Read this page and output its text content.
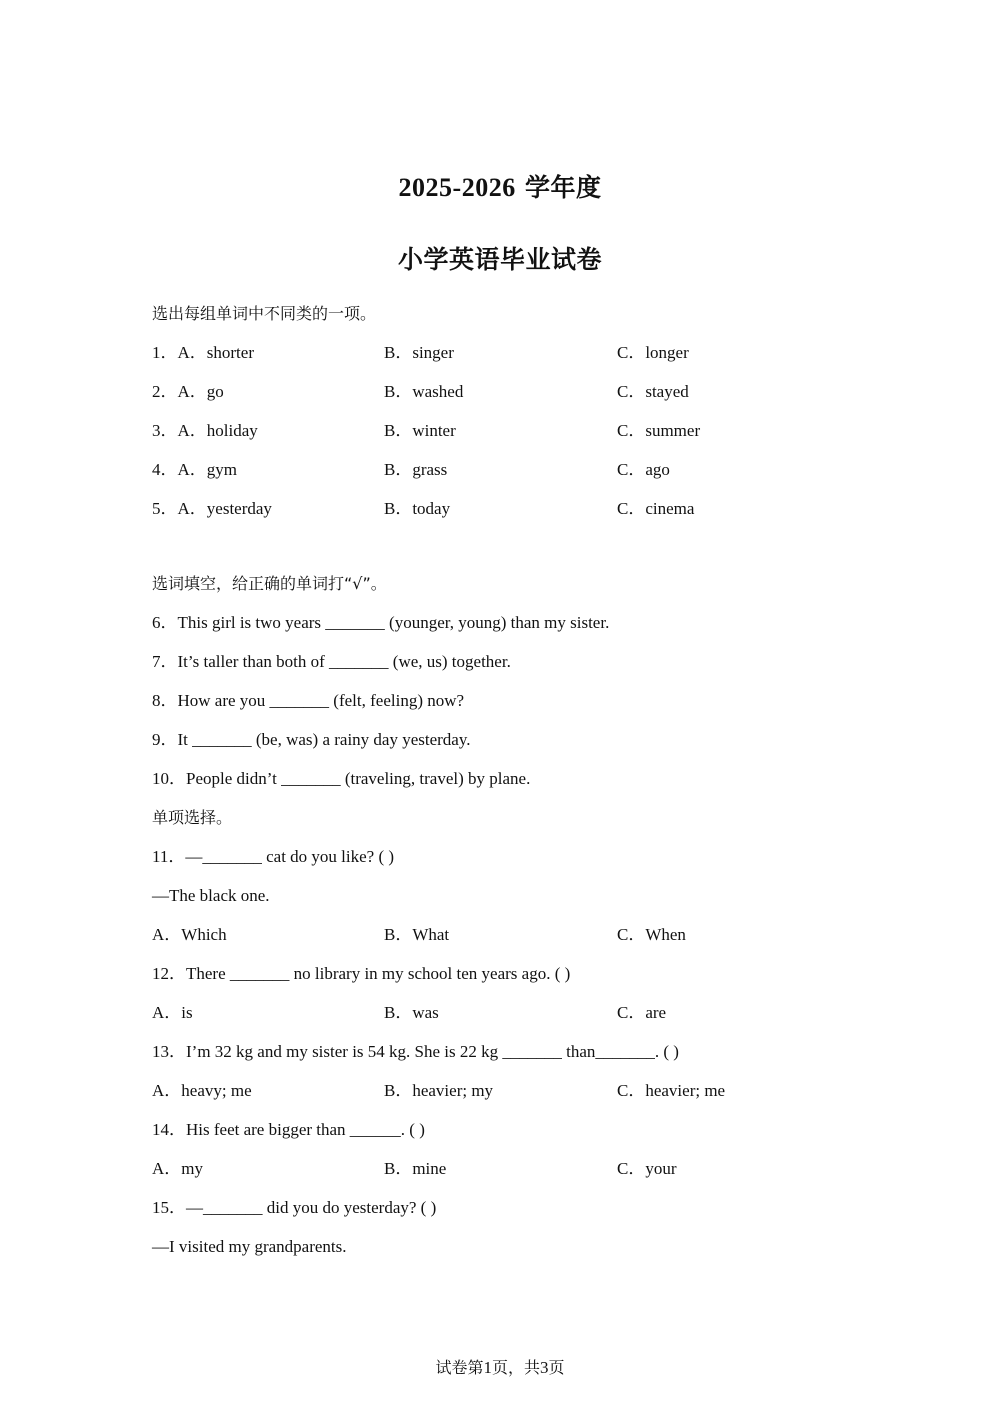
2025-2026 学年度
小学英语毕业试卷
选出每组单词中不同类的一项。
1．A．shorter	B．singer	C．longer
2．A．go	B．washed	C．stayed
3．A．holiday	B．winter	C．summer
4．A．gym	B．grass	C．ago
5．A．yesterday	B．today	C．cinema
选词填空，给正确的单词打“√”。
6．This girl is two years _______ (younger, young) than my sister.
7．It’s taller than both of _______ (we, us) together.
8．How are you _______ (felt, feeling) now?
9．It _______ (be, was) a rainy day yesterday.
10．People didn’t _______ (traveling, travel) by plane.
单项选择。
11．—_______ cat do you like? ( )
—The black one.
A．Which	B．What	C．When
12．There _______ no library in my school ten years ago. ( )
A．is	B．was	C．are
13．I’m 32 kg and my sister is 54 kg. She is 22 kg _______ than_______. ( )
A．heavy; me	B．heavier; my	C．heavier; me
14．His feet are bigger than ______. ( )
A．my	B．mine	C．your
15．—_______ did you do yesterday? ( )
—I visited my grandparents.
试卷第1页，共3页
